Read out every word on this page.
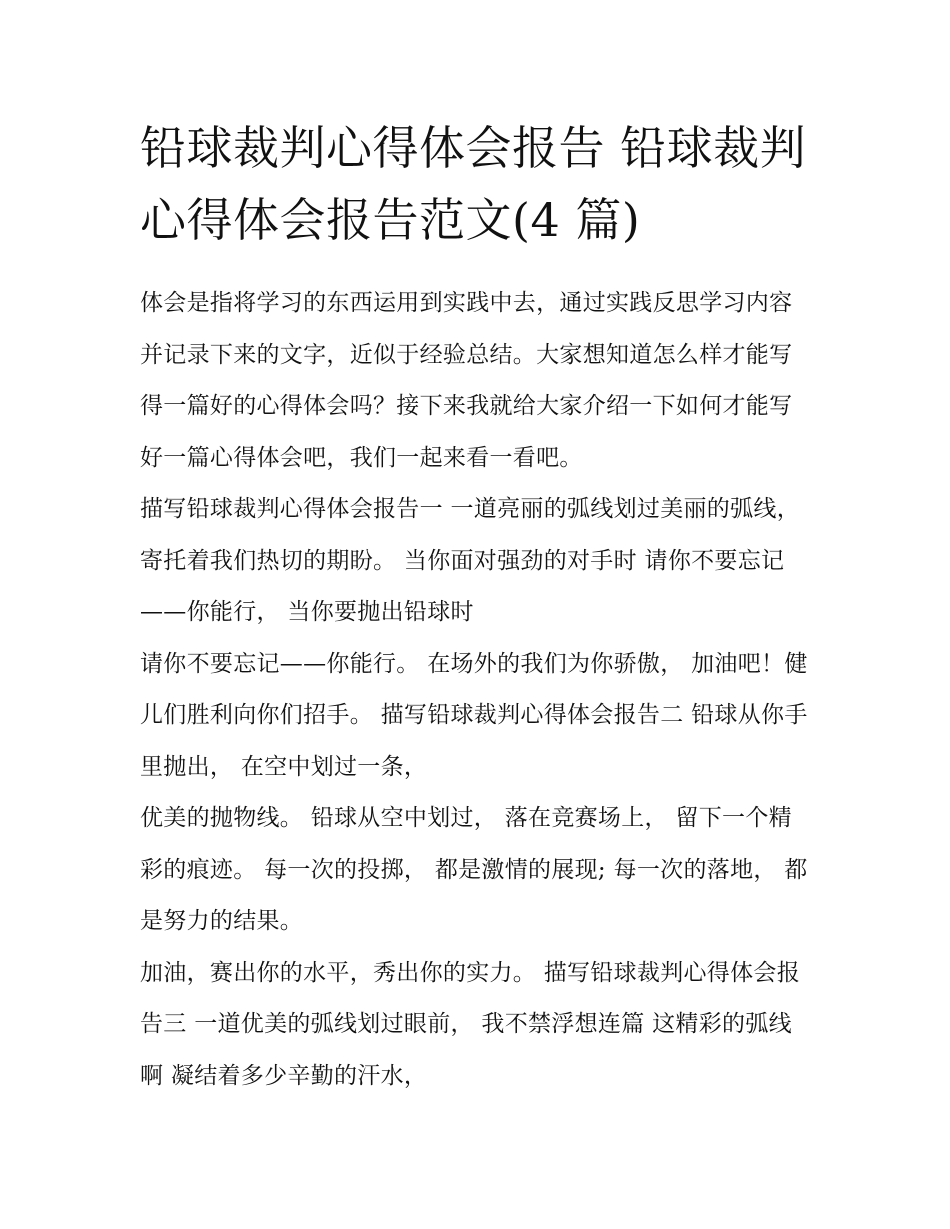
铅球裁判心得体会报告 铅球裁判心得体会报告范文(4 篇)

体会是指将学习的东西运用到实践中去，通过实践反思学习内容并记录下来的文字，近似于经验总结。大家想知道怎么样才能写得一篇好的心得体会吗？接下来我就给大家介绍一下如何才能写好一篇心得体会吧，我们一起来看一看吧。

描写铅球裁判心得体会报告一 一道亮丽的弧线划过美丽的弧线， 寄托着我们热切的期盼。 当你面对强劲的对手时 请你不要忘记——你能行， 当你要抛出铅球时

请你不要忘记——你能行。 在场外的我们为你骄傲， 加油吧！健儿们胜利向你们招手。 描写铅球裁判心得体会报告二 铅球从你手里抛出， 在空中划过一条，

优美的抛物线。 铅球从空中划过， 落在竞赛场上， 留下一个精彩的痕迹。 每一次的投掷， 都是激情的展现; 每一次的落地， 都是努力的结果。

加油，赛出你的水平，秀出你的实力。 描写铅球裁判心得体会报告三 一道优美的弧线划过眼前， 我不禁浮想连篇 这精彩的弧线啊 凝结着多少辛勤的汗水，
